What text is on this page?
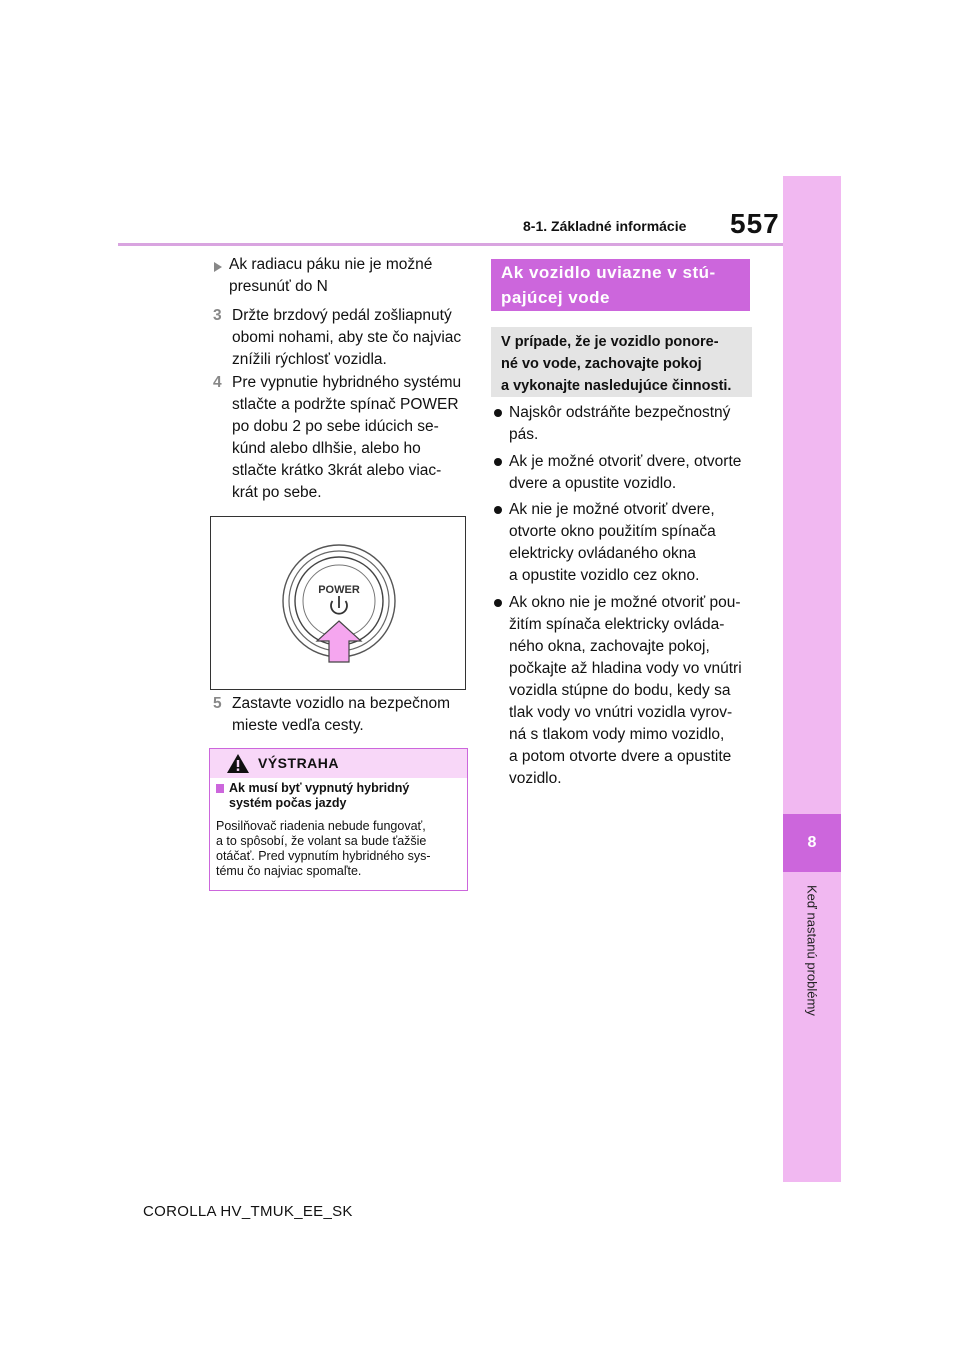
8-1. Základné informácie 557
8
Keď nastanú problémy
Ak radiacu páku nie je možné
presunúť do N
3 Držte brzdový pedál zošliapnutý
obomi nohami, aby ste čo najviac
znížili rýchlosť vozidla.
4 Pre vypnutie hybridného systému
stlačte a podržte spínač POWER
po dobu 2 po sebe idúcich se-
kúnd alebo dlhšie, alebo ho
stlačte krátko 3krát alebo viac-
krát po sebe.
POWER
5 Zastavte vozidlo na bezpečnom
mieste vedľa cesty.
VÝSTRAHA
Ak musí byť vypnutý hybridný
systém počas jazdy
Posilňovač riadenia nebude fungovať,
a to spôsobí, že volant sa bude ťažšie
otáčať. Pred vypnutím hybridného sys-
tému čo najviac spomaľte.
Ak vozidlo uviazne v stú-
pajúcej vode
V prípade, že je vozidlo ponore-
né vo vode, zachovajte pokoj
a vykonajte nasledujúce činnosti.
Najskôr odstráňte bezpečnostný
pás.
Ak je možné otvoriť dvere, otvorte
dvere a opustite vozidlo.
Ak nie je možné otvoriť dvere,
otvorte okno použitím spínača
elektricky ovládaného okna
a opustite vozidlo cez okno.
Ak okno nie je možné otvoriť pou-
žitím spínača elektricky ovláda-
ného okna, zachovajte pokoj,
počkajte až hladina vody vo vnútri
vozidla stúpne do bodu, kedy sa
tlak vody vo vnútri vozidla vyrov-
ná s tlakom vody mimo vozidlo,
a potom otvorte dvere a opustite
vozidlo.
COROLLA HV_TMUK_EE_SK
